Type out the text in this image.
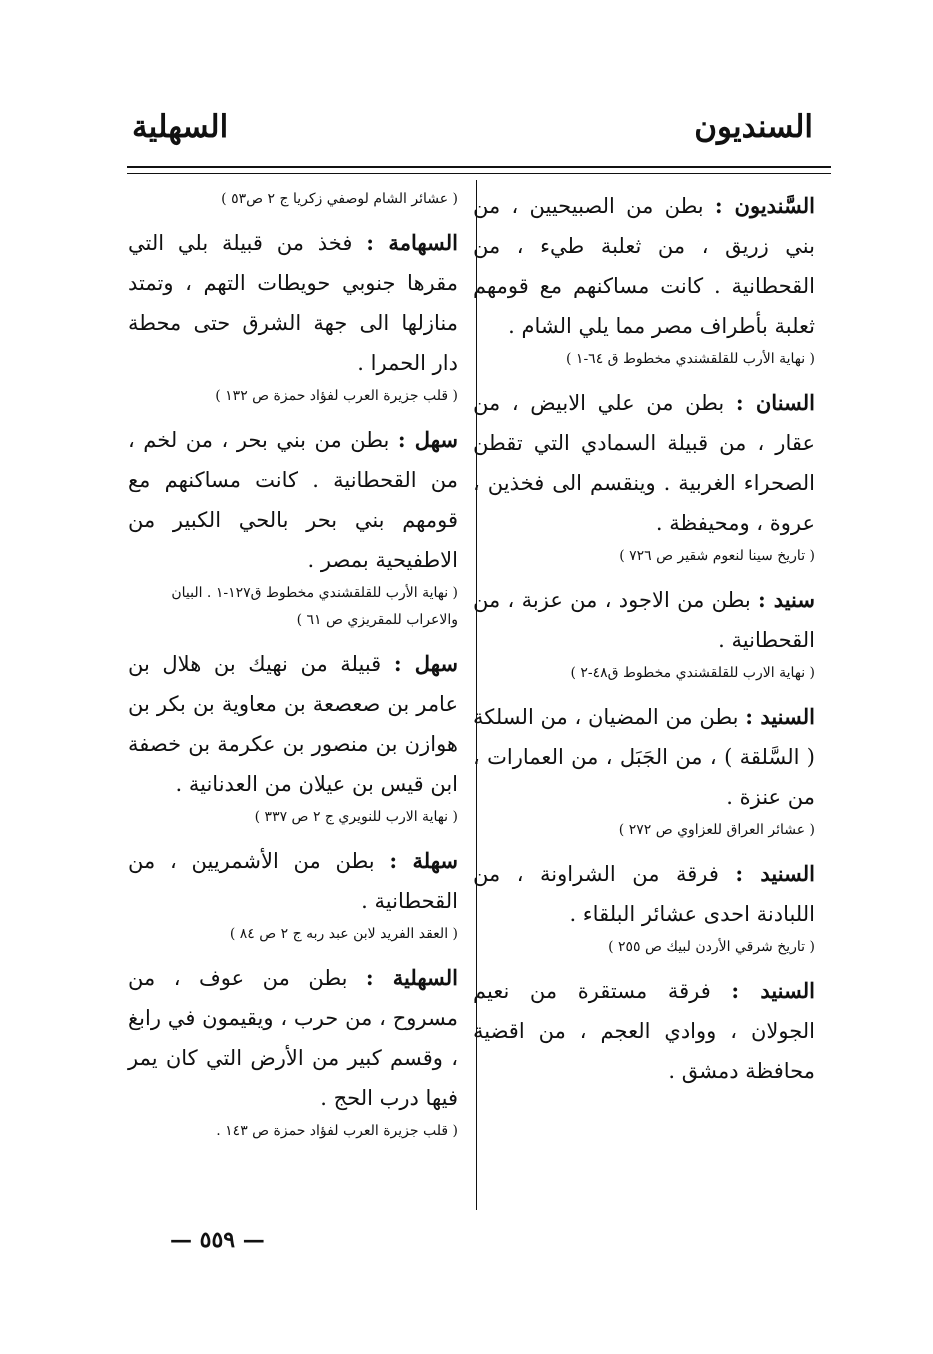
السنديون
السهلية
السَّنديون : بطن من الصبيحيين ، من بني زريق ، من ثعلبة طيء ، من القحطانية . كانت مساكنهم مع قومهم ثعلبة بأطراف مصر مما يلي الشام .
( نهاية الأرب للقلقشندي مخطوط ق ٦٤-١ )
السنان : بطن من علي الابيض ، من عقار ، من قبيلة السمادي التي تقطن الصحراء الغربية . وينقسم الى فخذين ، عروة ، ومحيفظة .
( تاريخ سينا لنعوم شقير ص ٧٢٦ )
سنيد : بطن من الاجود ، من عزبة ، من القحطانية .
( نهاية الارب للقلقشندي مخطوط ق٤٨-٢ )
السنيد : بطن من المضيان ، من السلكة ( السَّلقة ) ، من الجَبَل ، من العمارات ، من عنزة .
( عشائر العراق للعزاوي ص ٢٧٢ )
السنيد : فرقة من الشراونة ، من اللبادنة احدى عشائر البلقاء .
( تاريخ شرقي الأردن لبيك ص ٢٥٥ )
السنيد : فرقة مستقرة من نعيم الجولان ، ووادي العجم ، من اقضية محافظة دمشق .
( عشائر الشام لوصفي زكريا ج ٢ ص٥٣ )
السهامة : فخذ من قبيلة بلي التي مقرها جنوبي حويطات التهم ، وتمتد منازلها الى جهة الشرق حتى محطة دار الحمرا .
( قلب جزيرة العرب لفؤاد حمزة ص ١٣٢ )
سهل : بطن من بني بحر ، من لخم ، من القحطانية . كانت مساكنهم مع قومهم بني بحر بالحي الكبير من الاطفيحية بمصر .
( نهاية الأرب للقلقشندي مخطوط ق١٢٧-١ . البيان والاعراب للمقريزي ص ٦١ )
سهل : قبيلة من نهيك بن هلال بن عامر بن صعصعة بن معاوية بن بكر بن هوازن بن منصور بن عكرمة بن خصفة ابن قيس بن عيلان من العدنانية .
( نهاية الارب للنويري ج ٢ ص ٣٣٧ )
سهلة : بطن من الأشمريين ، من القحطانية .
( العقد الفريد لابن عبد ربه ج ٢ ص ٨٤ )
السهلية : بطن من عوف ، من مسروح ، من حرب ، ويقيمون في رابغ ، وقسم كبير من الأرض التي كان يمر فيها درب الحج .
( قلب جزيرة العرب لفؤاد حمزة ص ١٤٣ .
— ٥٥٩ —
